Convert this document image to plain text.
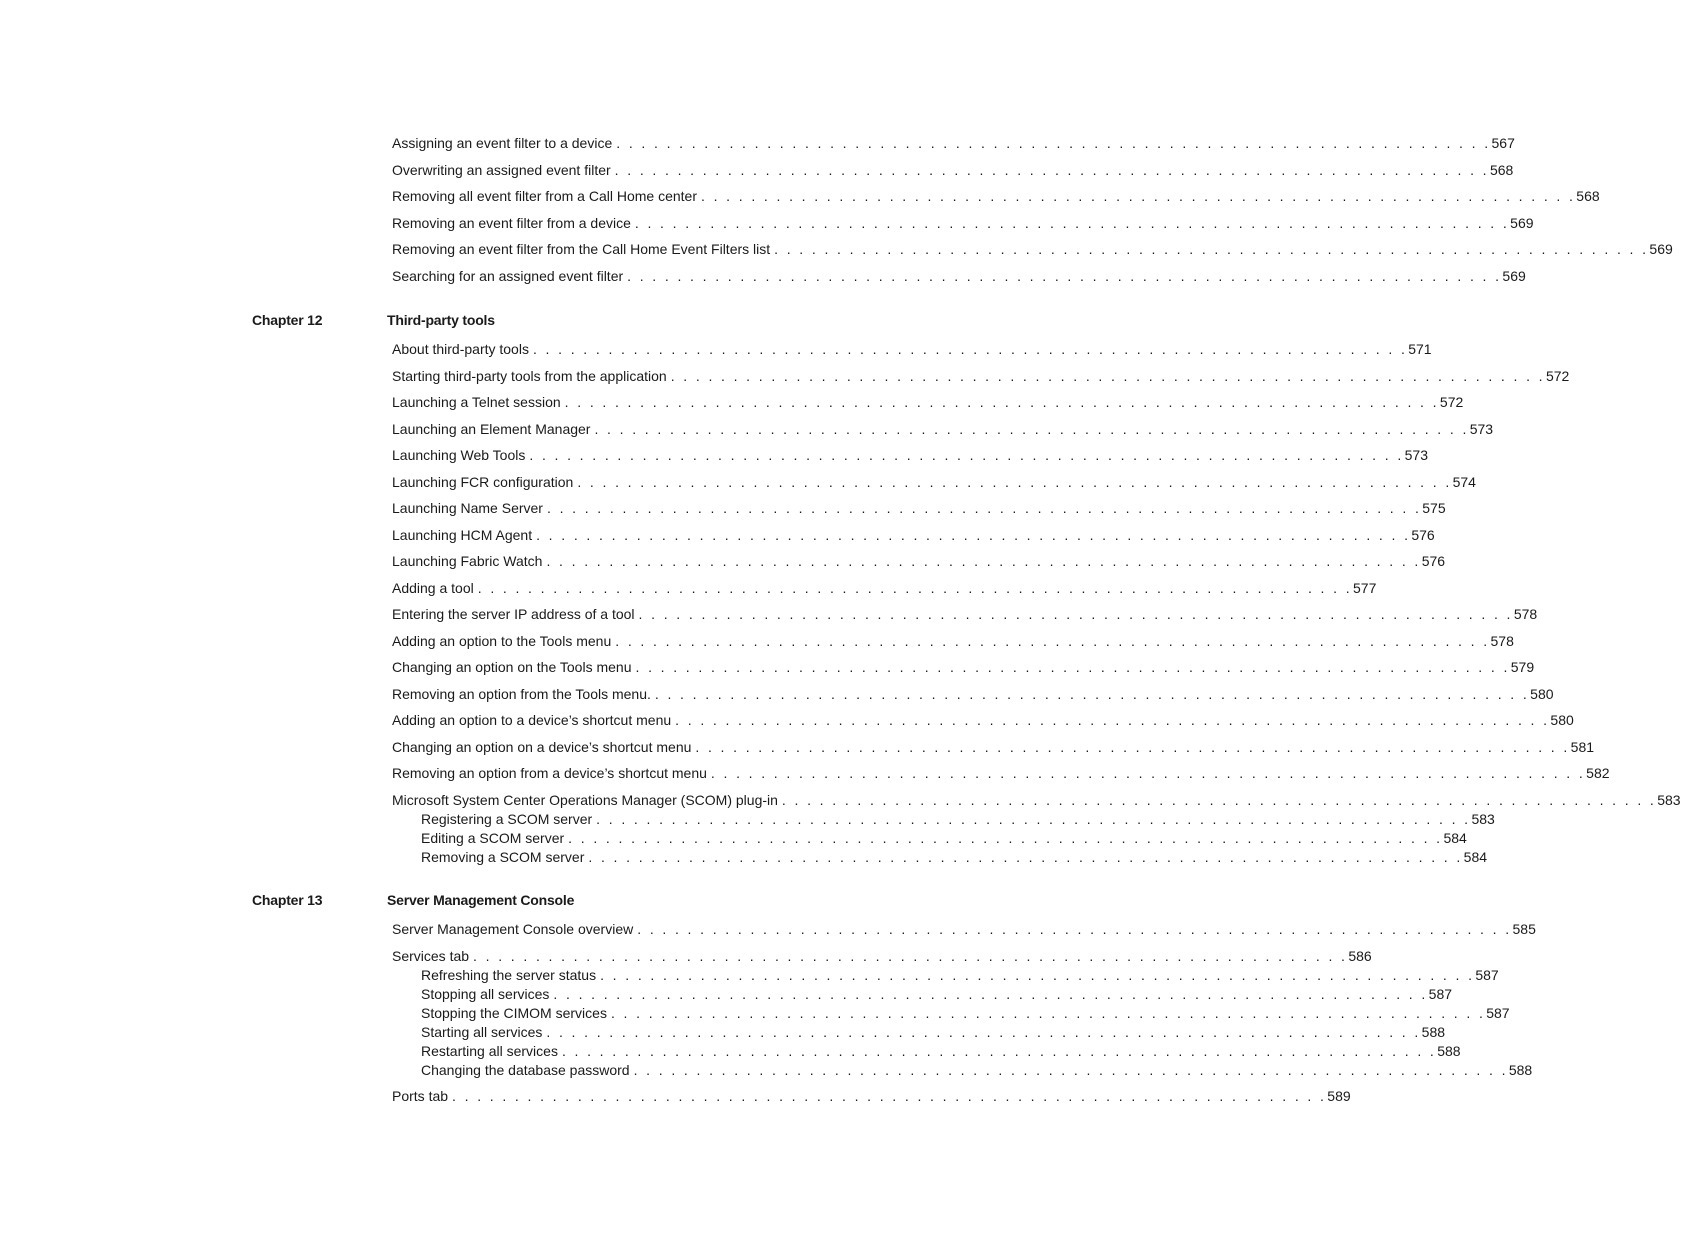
Assigning an event filter to a device . . . . . . . . . . . . . . . . . . . . . . . . . . . . . . . . . . . . . . . . . . . . . . . . . . . . . . . . . . . . . . . . . . . . . . 567
Overwriting an assigned event filter . . . . . . . . . . . . . . . . . . . . . . . . . . . . . . . . . . . . . . . . . . . . . . . . . . . . . . . . . . . . . . . . . . . . . . 568
Removing all event filter from a Call Home center . . . . . . . . . . . . . . . . . . . . . . . . . . . . . . . . . . . . . . . . . . . . . . . . . . . . . . . . . . . . . . . . . . . . . . 568
Removing an event filter from a device . . . . . . . . . . . . . . . . . . . . . . . . . . . . . . . . . . . . . . . . . . . . . . . . . . . . . . . . . . . . . . . . . . . . . . 569
Removing an event filter from the Call Home Event Filters list . . . . . . . . . . . . . . . . . . . . . . . . . . . . . . . . . . . . . . . . . . . . . . . . . . . . . . . . . . . . . . . . . . . . . . 569
Searching for an assigned event filter . . . . . . . . . . . . . . . . . . . . . . . . . . . . . . . . . . . . . . . . . . . . . . . . . . . . . . . . . . . . . . . . . . . . . . 569
Chapter 12	Third-party tools
About third-party tools . . . . . . . . . . . . . . . . . . . . . . . . . . . . . . . . . . . . . . . . . . . . . . . . . . . . . . . . . . . . . . . . . . . . . . 571
Starting third-party tools from the application . . . . . . . . . . . . . . . . . . . . . . . . . . . . . . . . . . . . . . . . . . . . . . . . . . . . . . . . . . . . . . . . . . . . . . 572
Launching a Telnet session . . . . . . . . . . . . . . . . . . . . . . . . . . . . . . . . . . . . . . . . . . . . . . . . . . . . . . . . . . . . . . . . . . . . . . 572
Launching an Element Manager . . . . . . . . . . . . . . . . . . . . . . . . . . . . . . . . . . . . . . . . . . . . . . . . . . . . . . . . . . . . . . . . . . . . . . 573
Launching Web Tools . . . . . . . . . . . . . . . . . . . . . . . . . . . . . . . . . . . . . . . . . . . . . . . . . . . . . . . . . . . . . . . . . . . . . . 573
Launching FCR configuration . . . . . . . . . . . . . . . . . . . . . . . . . . . . . . . . . . . . . . . . . . . . . . . . . . . . . . . . . . . . . . . . . . . . . . 574
Launching Name Server . . . . . . . . . . . . . . . . . . . . . . . . . . . . . . . . . . . . . . . . . . . . . . . . . . . . . . . . . . . . . . . . . . . . . . 575
Launching HCM Agent . . . . . . . . . . . . . . . . . . . . . . . . . . . . . . . . . . . . . . . . . . . . . . . . . . . . . . . . . . . . . . . . . . . . . . 576
Launching Fabric Watch . . . . . . . . . . . . . . . . . . . . . . . . . . . . . . . . . . . . . . . . . . . . . . . . . . . . . . . . . . . . . . . . . . . . . . 576
Adding a tool . . . . . . . . . . . . . . . . . . . . . . . . . . . . . . . . . . . . . . . . . . . . . . . . . . . . . . . . . . . . . . . . . . . . . . 577
Entering the server IP address of a tool . . . . . . . . . . . . . . . . . . . . . . . . . . . . . . . . . . . . . . . . . . . . . . . . . . . . . . . . . . . . . . . . . . . . . . 578
Adding an option to the Tools menu . . . . . . . . . . . . . . . . . . . . . . . . . . . . . . . . . . . . . . . . . . . . . . . . . . . . . . . . . . . . . . . . . . . . . . 578
Changing an option on the Tools menu . . . . . . . . . . . . . . . . . . . . . . . . . . . . . . . . . . . . . . . . . . . . . . . . . . . . . . . . . . . . . . . . . . . . . . 579
Removing an option from the Tools menu. . . . . . . . . . . . . . . . . . . . . . . . . . . . . . . . . . . . . . . . . . . . . . . . . . . . . . . . . . . . . . . . . . . . . . . 580
Adding an option to a device’s shortcut menu . . . . . . . . . . . . . . . . . . . . . . . . . . . . . . . . . . . . . . . . . . . . . . . . . . . . . . . . . . . . . . . . . . . . . . 580
Changing an option on a device’s shortcut menu . . . . . . . . . . . . . . . . . . . . . . . . . . . . . . . . . . . . . . . . . . . . . . . . . . . . . . . . . . . . . . . . . . . . . . 581
Removing an option from a device’s shortcut menu . . . . . . . . . . . . . . . . . . . . . . . . . . . . . . . . . . . . . . . . . . . . . . . . . . . . . . . . . . . . . . . . . . . . . . 582
Microsoft System Center Operations Manager (SCOM) plug-in . . . . . . . . . . . . . . . . . . . . . . . . . . . . . . . . . . . . . . . . . . . . . . . . . . . . . . . . . . . . . . . . . . . . . . 583
Registering a SCOM server . . . . . . . . . . . . . . . . . . . . . . . . . . . . . . . . . . . . . . . . . . . . . . . . . . . . . . . . . . . . . . . . . . . . . . 583
Editing a SCOM server . . . . . . . . . . . . . . . . . . . . . . . . . . . . . . . . . . . . . . . . . . . . . . . . . . . . . . . . . . . . . . . . . . . . . . 584
Removing a SCOM server . . . . . . . . . . . . . . . . . . . . . . . . . . . . . . . . . . . . . . . . . . . . . . . . . . . . . . . . . . . . . . . . . . . . . . 584
Chapter 13	Server Management Console
Server Management Console overview . . . . . . . . . . . . . . . . . . . . . . . . . . . . . . . . . . . . . . . . . . . . . . . . . . . . . . . . . . . . . . . . . . . . . . 585
Services tab . . . . . . . . . . . . . . . . . . . . . . . . . . . . . . . . . . . . . . . . . . . . . . . . . . . . . . . . . . . . . . . . . . . . . . 586
Refreshing the server status . . . . . . . . . . . . . . . . . . . . . . . . . . . . . . . . . . . . . . . . . . . . . . . . . . . . . . . . . . . . . . . . . . . . . . 587
Stopping all services . . . . . . . . . . . . . . . . . . . . . . . . . . . . . . . . . . . . . . . . . . . . . . . . . . . . . . . . . . . . . . . . . . . . . . 587
Stopping the CIMOM services . . . . . . . . . . . . . . . . . . . . . . . . . . . . . . . . . . . . . . . . . . . . . . . . . . . . . . . . . . . . . . . . . . . . . . 587
Starting all services . . . . . . . . . . . . . . . . . . . . . . . . . . . . . . . . . . . . . . . . . . . . . . . . . . . . . . . . . . . . . . . . . . . . . . 588
Restarting all services . . . . . . . . . . . . . . . . . . . . . . . . . . . . . . . . . . . . . . . . . . . . . . . . . . . . . . . . . . . . . . . . . . . . . . 588
Changing the database password . . . . . . . . . . . . . . . . . . . . . . . . . . . . . . . . . . . . . . . . . . . . . . . . . . . . . . . . . . . . . . . . . . . . . . 588
Ports tab . . . . . . . . . . . . . . . . . . . . . . . . . . . . . . . . . . . . . . . . . . . . . . . . . . . . . . . . . . . . . . . . . . . . . . 589
